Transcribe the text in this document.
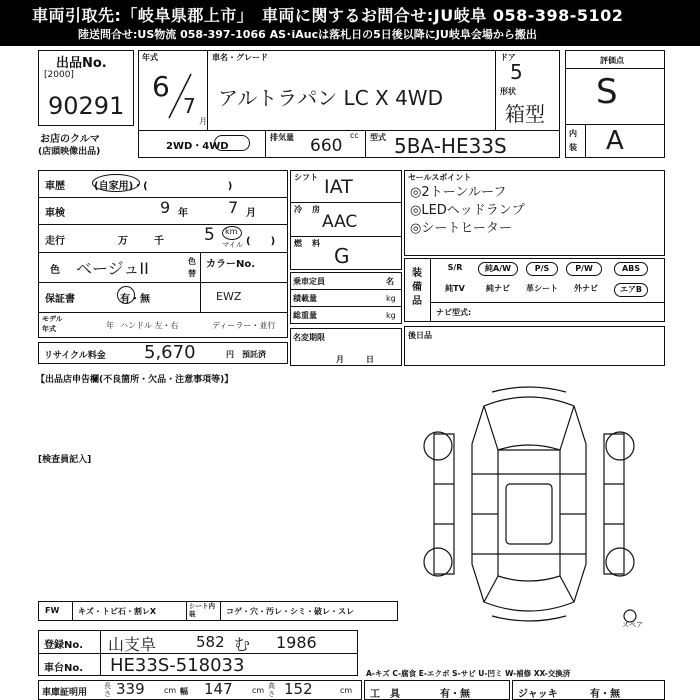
車両引取先:「岐阜県郡上市」　車両に関するお問合せ:JU岐阜 058-398-5102
陸送問合せ:US物流 058-397-1066 AS･iAucは落札日の5日後以降にJU岐阜会場から搬出
出品No.
[2000]
90291
お店のクルマ
(店頭映像出品)
年式
6
7
月
車名・グレード
アルトラパン LC X 4WD
ドア
5
形状
箱型
2WD・4WD
排気量 660
cc 型式 5BA-HE33S
評価点
S
内
装 A
車歴	(自家用)・(　　　　　　　　)
車検	9 年	7 月
走行	万	千 5 km
マイル (　　)
色 ベージュII	色
替
カラーNo.
保証書	有・無	EWZ
モデル
年式	年 ハンドル 左・右	ディーラー・並行
リサイクル料金 5,670	円 預託済
【出品店申告欄(不良箇所・欠品・注意事項等)】
[検査員記入]
シフト IAT
冷房
AAC
燃料
G
乗車定員	名
積載量	kg
総重量	kg
名変期限
月日
セールスポイント
◎2トーンルーフ
◎LEDヘッドランプ
◎シートヒーター
装
備
品
S/R	純A/W	P/S	P/W	ABS
純TV	純ナビ	革シート	外ナビ	エアB
ナビ型式:
後日品
スペア
FW キズ・トビ石・割レX
シート内装	コゲ・穴・汚レ・シミ・破レ・スレ
登録No. 山支阜	582 む 1986
車台No. HE33S-518033	A-キズ C-腐食 E-エクボ S-サビ U-凹ミ W-補修 XX-交換済
車庫証明用
長さ 339 cm 幅 147 cm 高さ 152	cm 工具	有・無	ジャッキ	有・無
